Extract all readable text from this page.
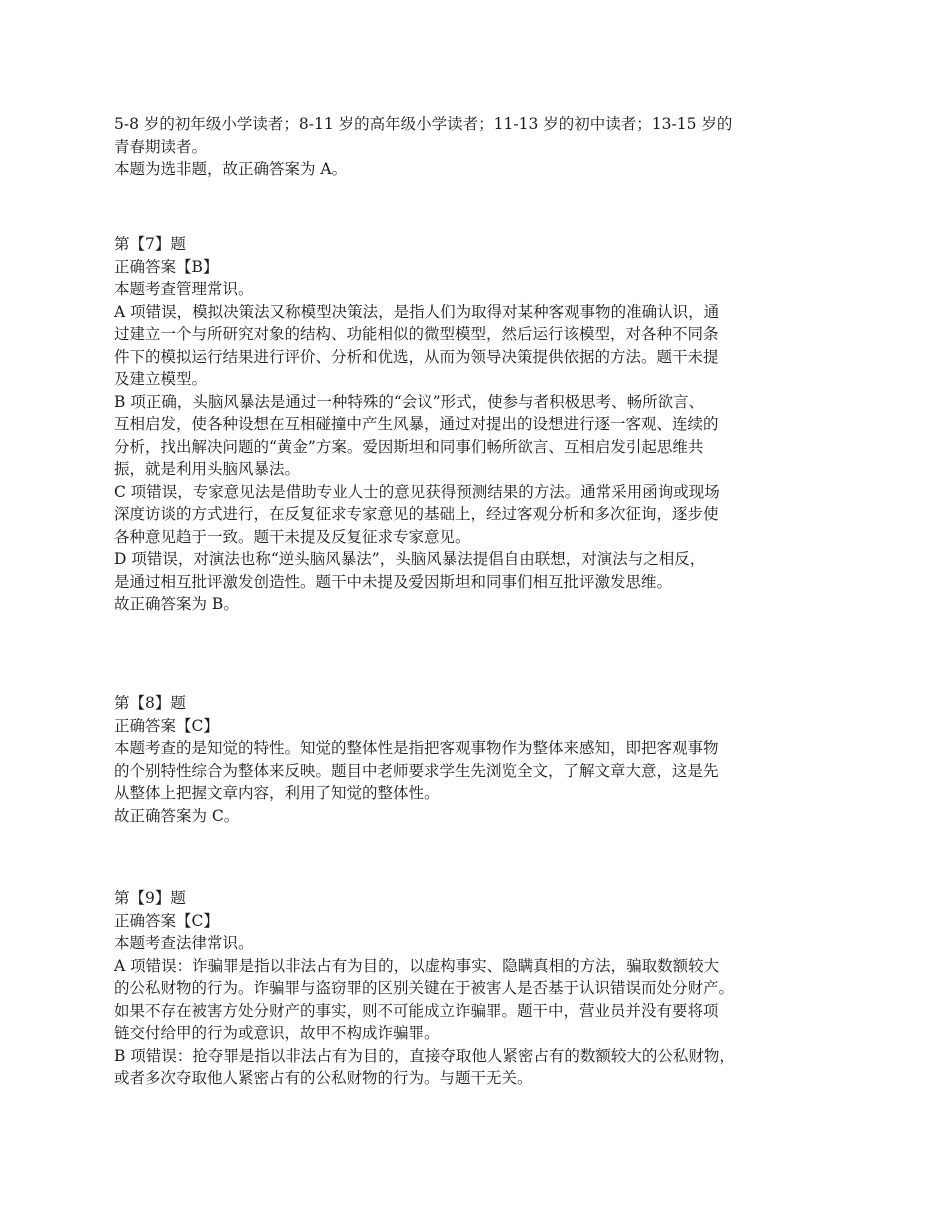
5-8 岁的初年级小学读者；8-11 岁的高年级小学读者；11-13 岁的初中读者；13-15 岁的
青春期读者。
本题为选非题，故正确答案为 A。
第【7】题
正确答案【B】
本题考查管理常识。
A 项错误，模拟决策法又称模型决策法，是指人们为取得对某种客观事物的准确认识，通
过建立一个与所研究对象的结构、功能相似的微型模型，然后运行该模型，对各种不同条
件下的模拟运行结果进行评价、分析和优选，从而为领导决策提供依据的方法。题干未提
及建立模型。
B 项正确，头脑风暴法是通过一种特殊的“会议”形式，使参与者积极思考、畅所欲言、
互相启发，使各种设想在互相碰撞中产生风暴，通过对提出的设想进行逐一客观、连续的
分析，找出解决问题的“黄金”方案。爱因斯坦和同事们畅所欲言、互相启发引起思维共
振，就是利用头脑风暴法。
C 项错误，专家意见法是借助专业人士的意见获得预测结果的方法。通常采用函询或现场
深度访谈的方式进行，在反复征求专家意见的基础上，经过客观分析和多次征询，逐步使
各种意见趋于一致。题干未提及反复征求专家意见。
D 项错误，对演法也称“逆头脑风暴法”，头脑风暴法提倡自由联想，对演法与之相反，
是通过相互批评激发创造性。题干中未提及爱因斯坦和同事们相互批评激发思维。
故正确答案为 B。
第【8】题
正确答案【C】
本题考查的是知觉的特性。知觉的整体性是指把客观事物作为整体来感知，即把客观事物
的个别特性综合为整体来反映。题目中老师要求学生先浏览全文，了解文章大意，这是先
从整体上把握文章内容，利用了知觉的整体性。
故正确答案为 C。
第【9】题
正确答案【C】
本题考查法律常识。
A 项错误：诈骗罪是指以非法占有为目的，以虚构事实、隐瞒真相的方法，骗取数额较大
的公私财物的行为。诈骗罪与盗窃罪的区别关键在于被害人是否基于认识错误而处分财产。
如果不存在被害方处分财产的事实，则不可能成立诈骗罪。题干中，营业员并没有要将项
链交付给甲的行为或意识，故甲不构成诈骗罪。
B 项错误：抢夺罪是指以非法占有为目的，直接夺取他人紧密占有的数额较大的公私财物，
或者多次夺取他人紧密占有的公私财物的行为。与题干无关。
